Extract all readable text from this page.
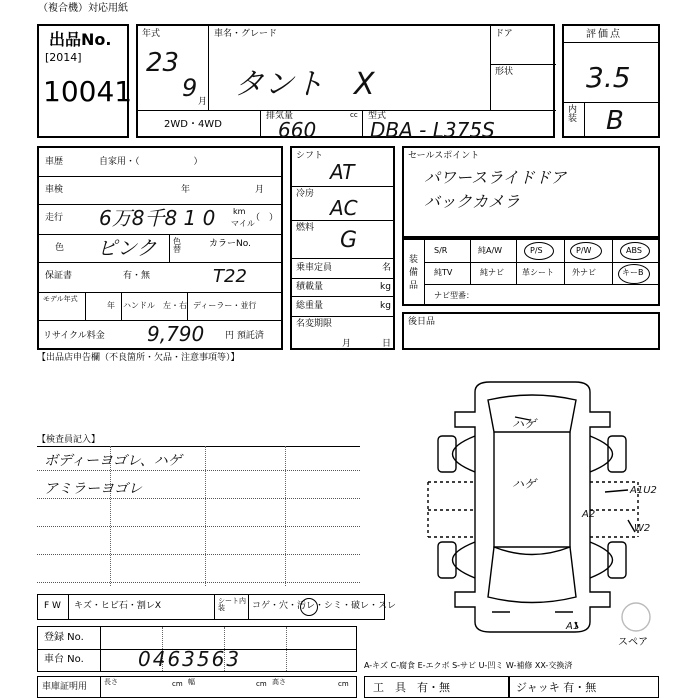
（複合機）対応用紙
出品No.
[2014]
10041
年式
23
9 月
車名・グレード
タント　X
ドア
形状
2WD・4WD
排気量	cc
660
型式
DBA - L375S
評価点
3.5
内装 B
車歴	自家用・（　　　　　　）
車検	年	月
走行 6万8千8 1 0 km
マイル
（　）
色 ピンク 色替
カラーNo.
保証書	有・無	T22
モデル年式
年 ハンドル　左・右 ディーラー・並行
リサイクル料金 9,790 円 預託済
シフト
AT
冷房
AC
燃料 G
乗車定員	名
積載量	kg
総重量	kg
名変期限
月	日
セールスポイント
パワースライドドア
バックカメラ
装備品
S/R	純A/W	P/S	P/W	ABS
純TV	純ナビ 革シート 外ナビ	キーB
ナビ型番：
後日品
【出品店申告欄（不良箇所・欠品・注意事項等）】
【検査員記入】
ボディーヨゴレ、ハゲ
アミラーヨゴレ
ハゲ
ハゲ	A1U2
A2
W2
A1
スペア
F W キズ・ヒビ石・割レX	シート内装	コゲ・穴・汚レ・シミ・破レ・スレ
登録 No.
車台 No.	0463563	A-キズ C-腐食 E-エクボ S-サビ U-凹ミ W-補修 XX-交換済
車庫証明用 長さ	cm 幅	cm 高さ	cm 工　具　有・無	ジャッキ 有・無
